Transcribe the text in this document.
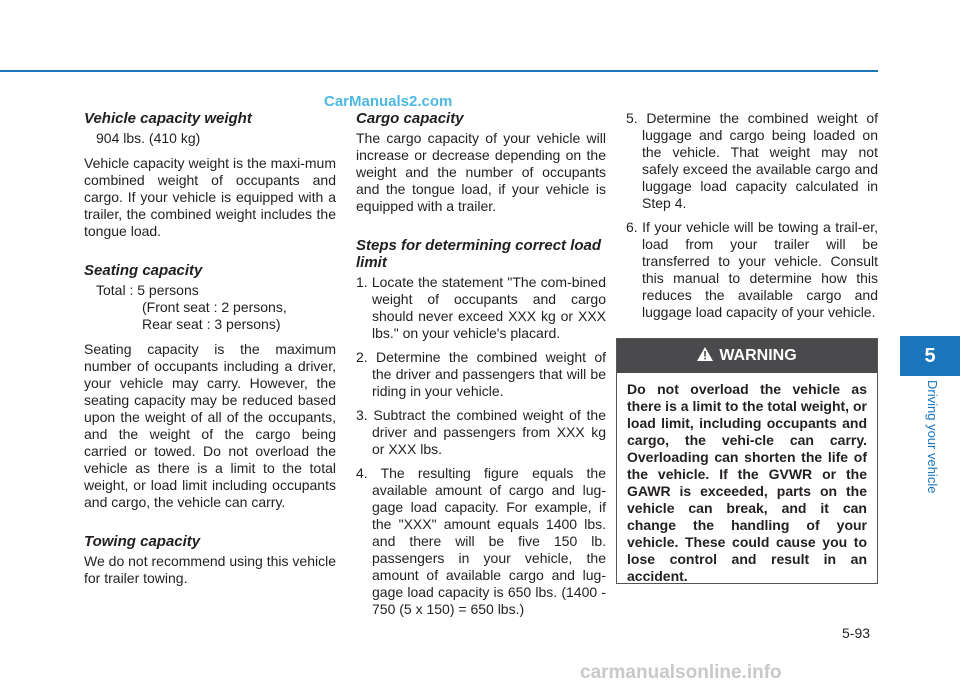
CarManuals2.com
Vehicle capacity weight
904 lbs. (410 kg)
Vehicle capacity weight is the maxi-mum combined weight of occupants and cargo. If your vehicle is equipped with a trailer, the combined weight includes the tongue load.
Seating capacity
Total : 5 persons
(Front seat : 2 persons,
Rear seat : 3 persons)
Seating capacity is the maximum number of occupants including a driver, your vehicle may carry. However, the seating capacity may be reduced based upon the weight of all of the occupants, and the weight of the cargo being carried or towed. Do not overload the vehicle as there is a limit to the total weight, or load limit including occupants and cargo, the vehicle can carry.
Towing capacity
We do not recommend using this vehicle for trailer towing.
Cargo capacity
The cargo capacity of your vehicle will increase or decrease depending on the weight and the number of occupants and the tongue load, if your vehicle is equipped with a trailer.
Steps for determining correct load limit
1. Locate the statement "The com-bined weight of occupants and cargo should never exceed XXX kg or XXX lbs." on your vehicle's placard.
2. Determine the combined weight of the driver and passengers that will be riding in your vehicle.
3. Subtract the combined weight of the driver and passengers from XXX kg or XXX lbs.
4. The resulting figure equals the available amount of cargo and lug-gage load capacity. For example, if the "XXX" amount equals 1400 lbs. and there will be five 150 lb. passengers in your vehicle, the amount of available cargo and lug-gage load capacity is 650 lbs. (1400 - 750 (5 x 150) = 650 lbs.)
5. Determine the combined weight of luggage and cargo being loaded on the vehicle. That weight may not safely exceed the available cargo and luggage load capacity calculated in Step 4.
6. If your vehicle will be towing a trail-er, load from your trailer will be transferred to your vehicle. Consult this manual to determine how this reduces the available cargo and luggage load capacity of your vehicle.
WARNING
Do not overload the vehicle as there is a limit to the total weight, or load limit, including occupants and cargo, the vehi-cle can carry. Overloading can shorten the life of the vehicle. If the GVWR or the GAWR is exceeded, parts on the vehicle can break, and it can change the handling of your vehicle. These could cause you to lose control and result in an accident.
5
Driving your vehicle
5-93
carmanualsonline.info
